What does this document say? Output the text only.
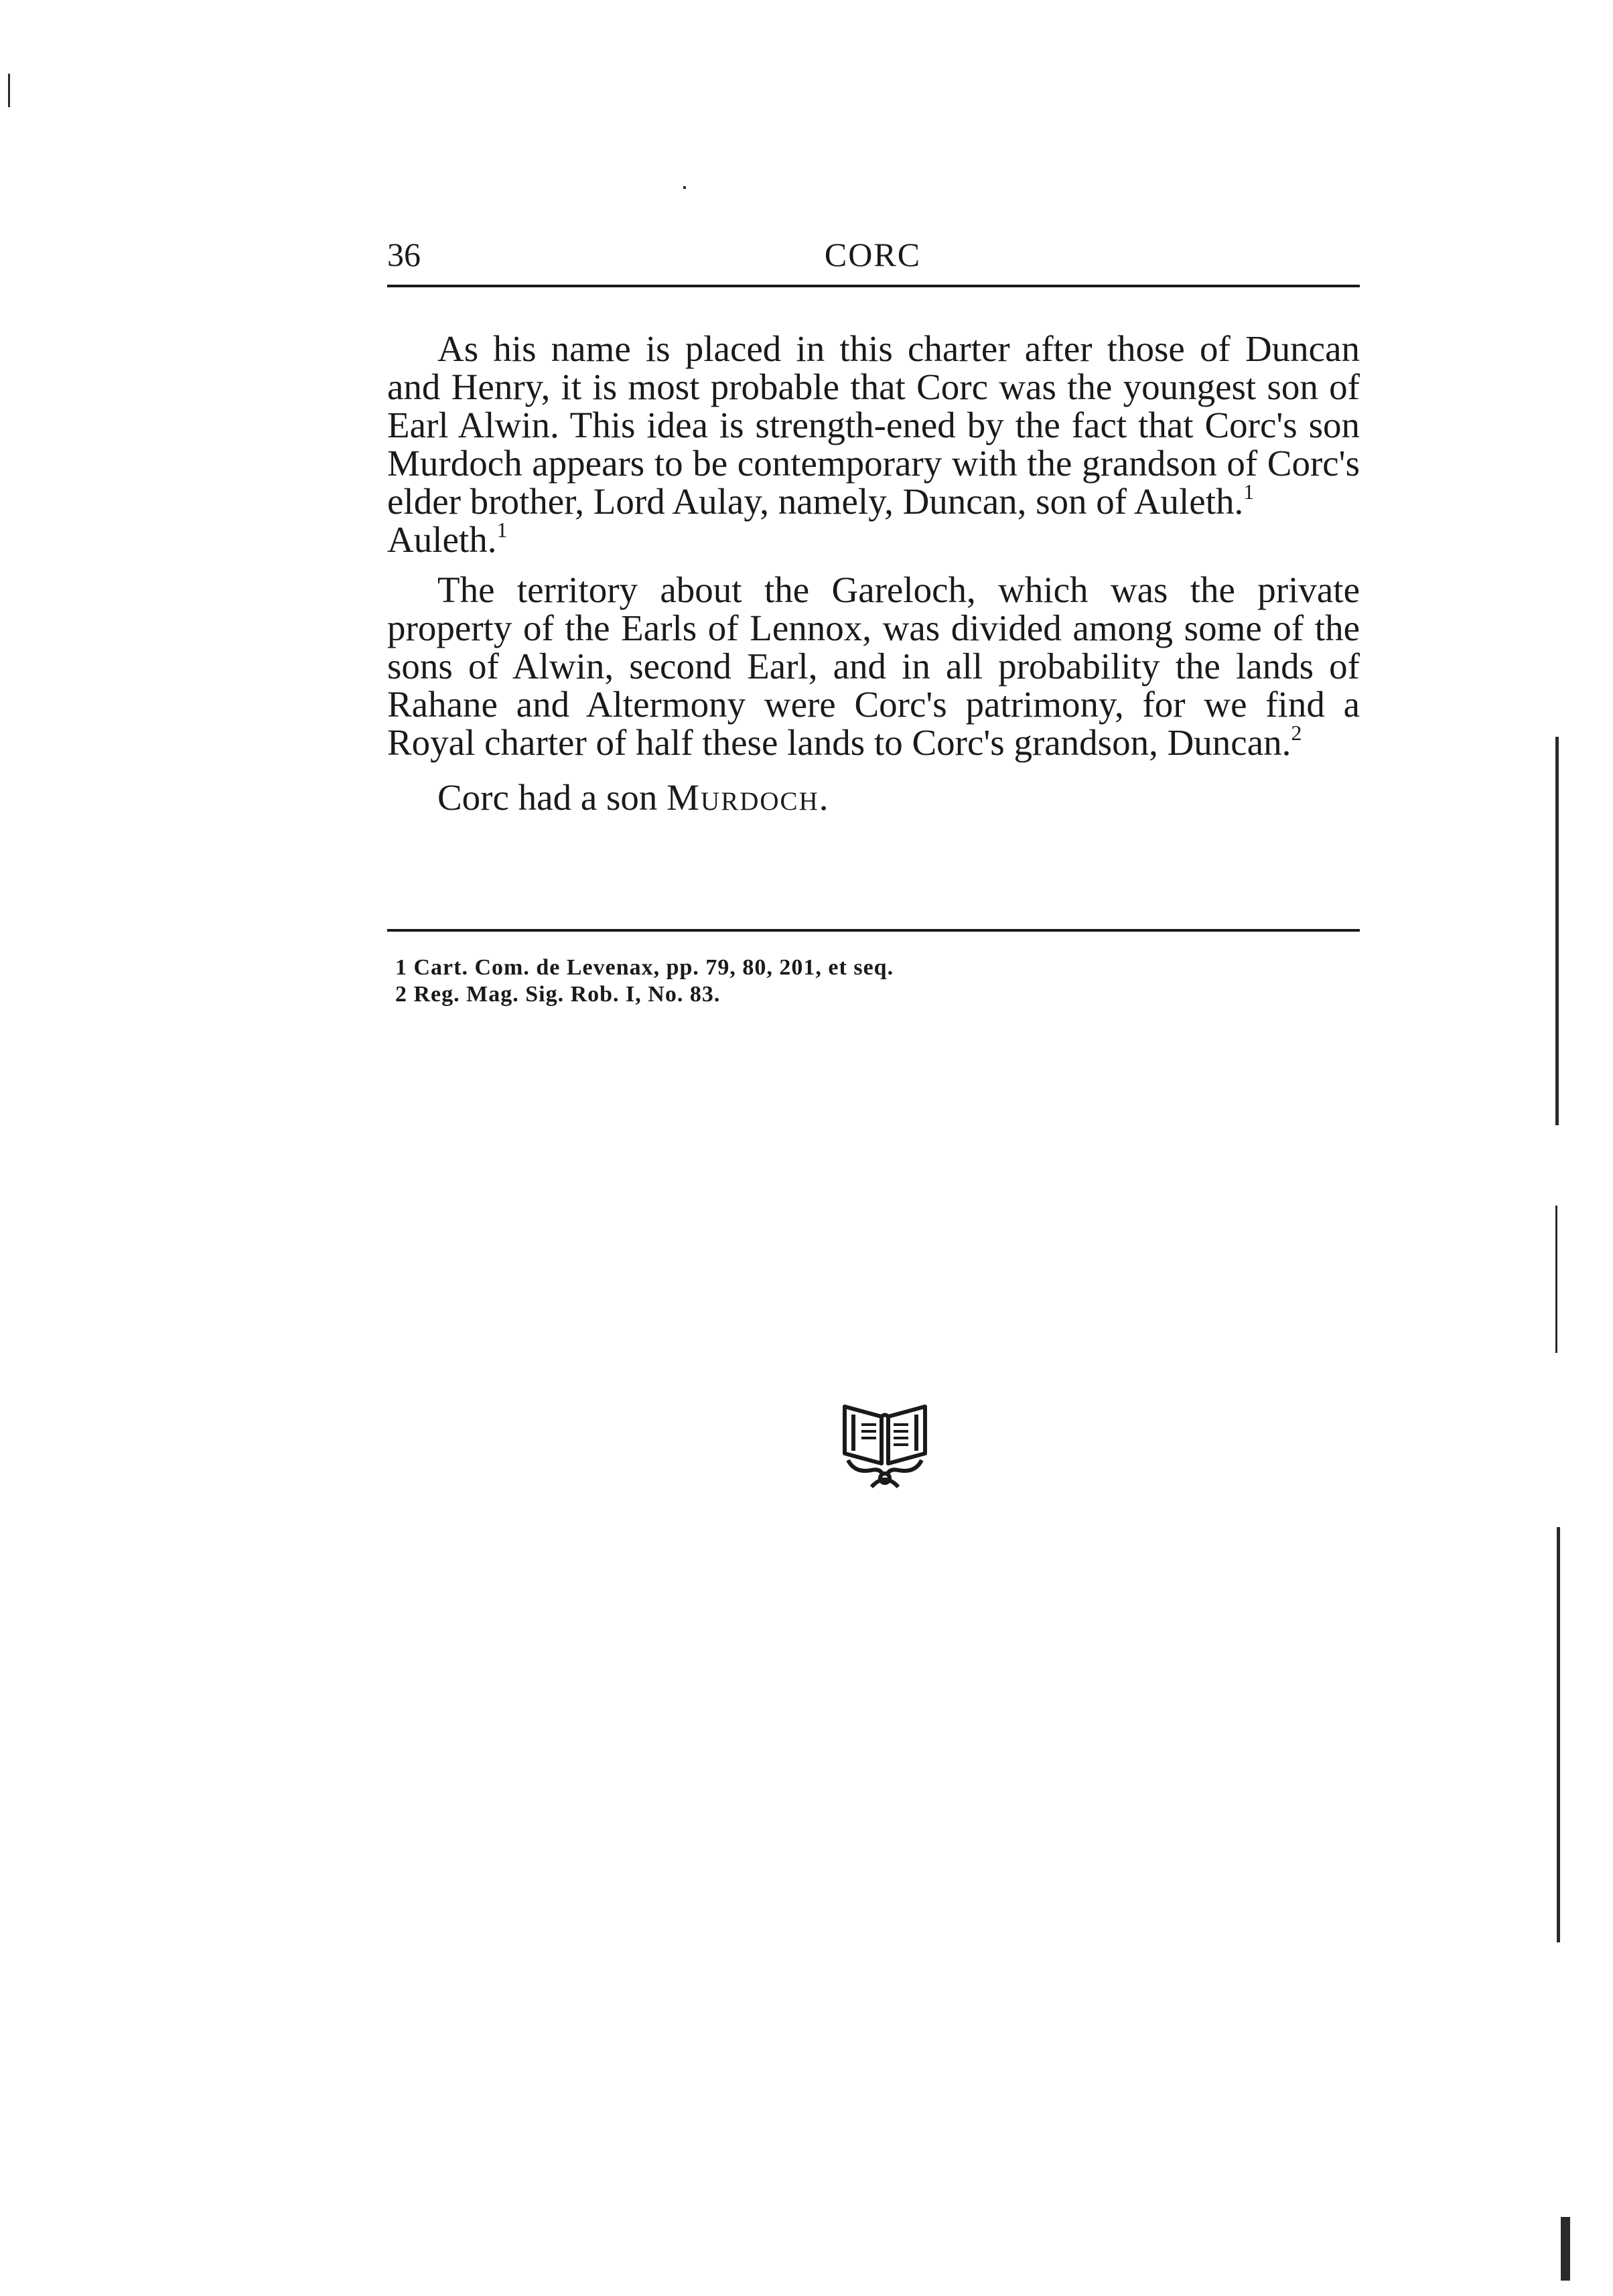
36	CORC

As his name is placed in this charter after those of Duncan and Henry, it is most probable that Corc was the youngest son of Earl Alwin. This idea is strength-ened by the fact that Corc's son Murdoch appears to be contemporary with the grandson of Corc's elder brother, Lord Aulay, namely, Duncan, son of Auleth.$^1$
Auleth.$^1$

The territory about the Gareloch, which was the private property of the Earls of Lennox, was divided among some of the sons of Alwin, second Earl, and in all probability the lands of Rahane and Altermony were Corc's patrimony, for we find a Royal charter of half these lands to Corc's grandson, Duncan.$^2$

Corc had a son Murdoch.

1 Cart. Com. de Levenax, pp. 79, 80, 201, et seq.

2 Reg. Mag. Sig. Rob. I, No. 83.
